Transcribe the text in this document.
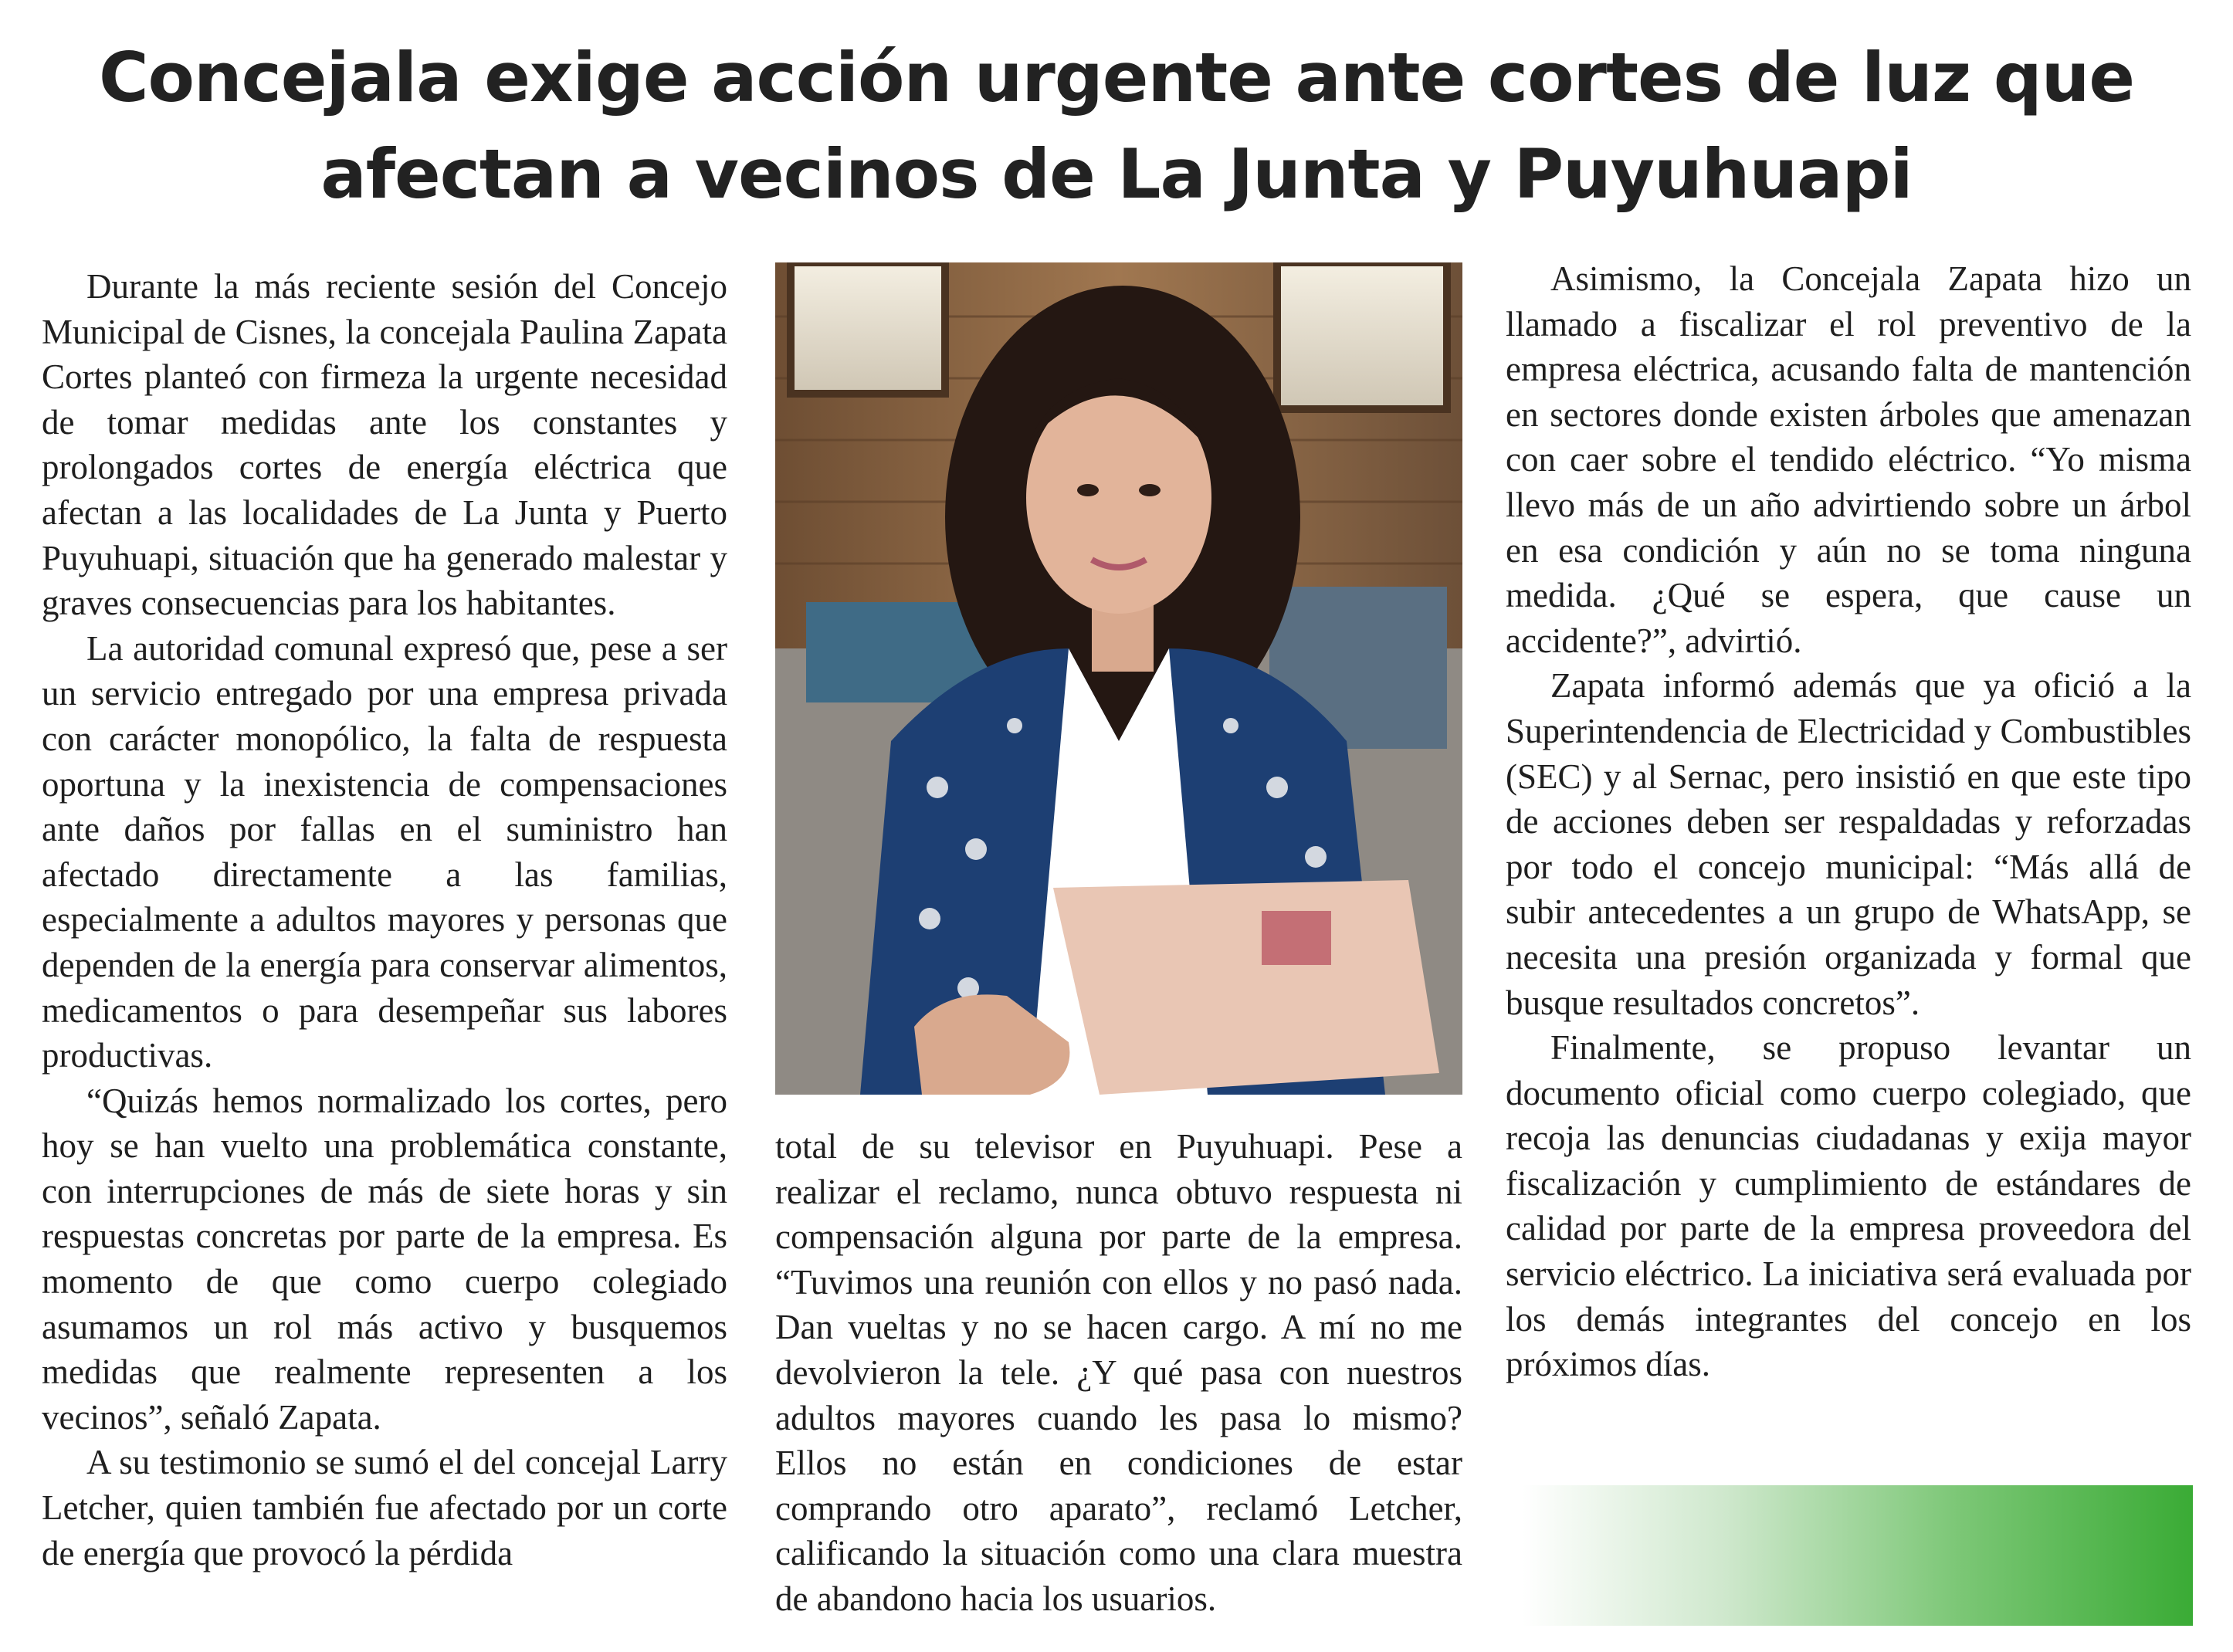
Concejala exige acción urgente ante cortes de luz que afectan a vecinos de La Junta y Puyuhuapi

Durante la más reciente sesión del Concejo Municipal de Cisnes, la concejala Paulina Zapata Cortes planteó con firmeza la urgente necesidad de tomar medidas ante los constantes y prolongados cortes de energía eléctrica que afectan a las localidades de La Junta y Puerto Puyuhuapi, situación que ha generado malestar y graves consecuencias para los habitantes.

La autoridad comunal expresó que, pese a ser un servicio entregado por una empresa privada con carácter monopólico, la falta de respuesta oportuna y la inexistencia de compensaciones ante daños por fallas en el suministro han afectado directamente a las familias, especialmente a adultos mayores y personas que dependen de la energía para conservar alimentos, medicamentos o para desempeñar sus labores productivas.

“Quizás hemos normalizado los cortes, pero hoy se han vuelto una problemática constante, con interrupciones de más de siete horas y sin respuestas concretas por parte de la empresa. Es momento de que como cuerpo colegiado asumamos un rol más activo y busquemos medidas que realmente representen a los vecinos”, señaló Zapata.

A su testimonio se sumó el del concejal Larry Letcher, quien también fue afectado por un corte de energía que provocó la pérdida

total de su televisor en Puyuhuapi. Pese a realizar el reclamo, nunca obtuvo respuesta ni compensación alguna por parte de la empresa. “Tuvimos una reunión con ellos y no pasó nada. Dan vueltas y no se hacen cargo. A mí no me devolvieron la tele. ¿Y qué pasa con nuestros adultos mayores cuando les pasa lo mismo? Ellos no están en condiciones de estar comprando otro aparato”, reclamó Letcher, calificando la situación como una clara muestra de abandono hacia los usuarios.

Asimismo, la Concejala Zapata hizo un llamado a fiscalizar el rol preventivo de la empresa eléctrica, acusando falta de mantención en sectores donde existen árboles que amenazan con caer sobre el tendido eléctrico. “Yo misma llevo más de un año advirtiendo sobre un árbol en esa condición y aún no se toma ninguna medida. ¿Qué se espera, que cause un accidente?”, advirtió.

Zapata informó además que ya ofició a la Superintendencia de Electricidad y Combustibles (SEC) y al Sernac, pero insistió en que este tipo de acciones deben ser respaldadas y reforzadas por todo el concejo municipal: “Más allá de subir antecedentes a un grupo de WhatsApp, se necesita una presión organizada y formal que busque resultados concretos”.

Finalmente, se propuso levantar un documento oficial como cuerpo colegiado, que recoja las denuncias ciudadanas y exija mayor fiscalización y cumplimiento de estándares de calidad por parte de la empresa proveedora del servicio eléctrico. La iniciativa será evaluada por los demás integrantes del concejo en los próximos días.
